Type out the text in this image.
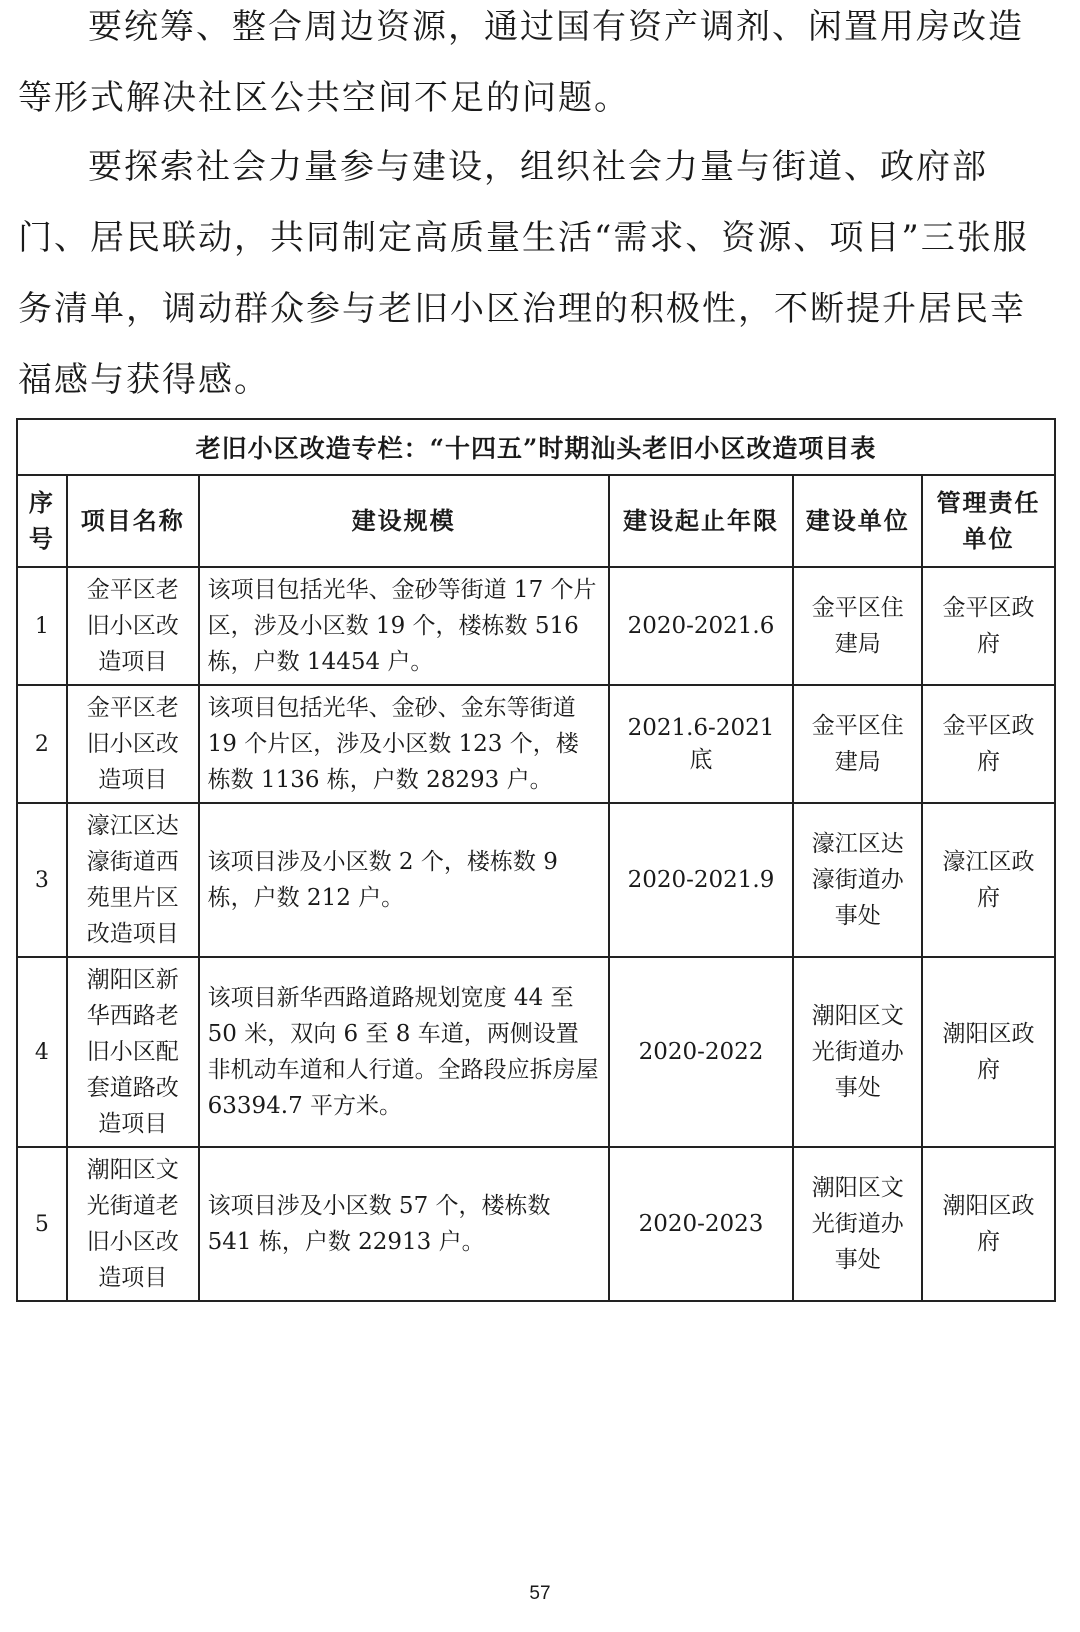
要统筹、整合周边资源，通过国有资产调剂、闲置用房改造等形式解决社区公共空间不足的问题。

要探索社会力量参与建设，组织社会力量与街道、政府部门、居民联动，共同制定高质量生活“需求、资源、项目”三张服务清单，调动群众参与老旧小区治理的积极性，不断提升居民幸福感与获得感。

老旧小区改造专栏：“十四五”时期汕头老旧小区改造项目表					
序号	项目名称	建设规模	建设起止年限	建设单位	管理责任单位
1	金平区老旧小区改造项目	该项目包括光华、金砂等街道 17 个片区，涉及小区数 19 个，楼栋数 516 栋，户数 14454 户。	2020-2021.6	金平区住建局	金平区政府
2	金平区老旧小区改造项目	该项目包括光华、金砂、金东等街道 19 个片区，涉及小区数 123 个，楼栋数 1136 栋，户数 28293 户。	2021.6-2021 底	金平区住建局	金平区政府
3	濠江区达濠街道西苑里片区改造项目	该项目涉及小区数 2 个，楼栋数 9 栋，户数 212 户。	2020-2021.9	濠江区达濠街道办事处	濠江区政府
4	潮阳区新华西路老旧小区配套道路改造项目	该项目新华西路道路规划宽度 44 至 50 米，双向 6 至 8 车道，两侧设置非机动车道和人行道。全路段应拆房屋 63394.7 平方米。	2020-2022	潮阳区文光街道办事处	潮阳区政府
5	潮阳区文光街道老旧小区改造项目	该项目涉及小区数 57 个，楼栋数 541 栋，户数 22913 户。	2020-2023	潮阳区文光街道办事处	潮阳区政府
57
